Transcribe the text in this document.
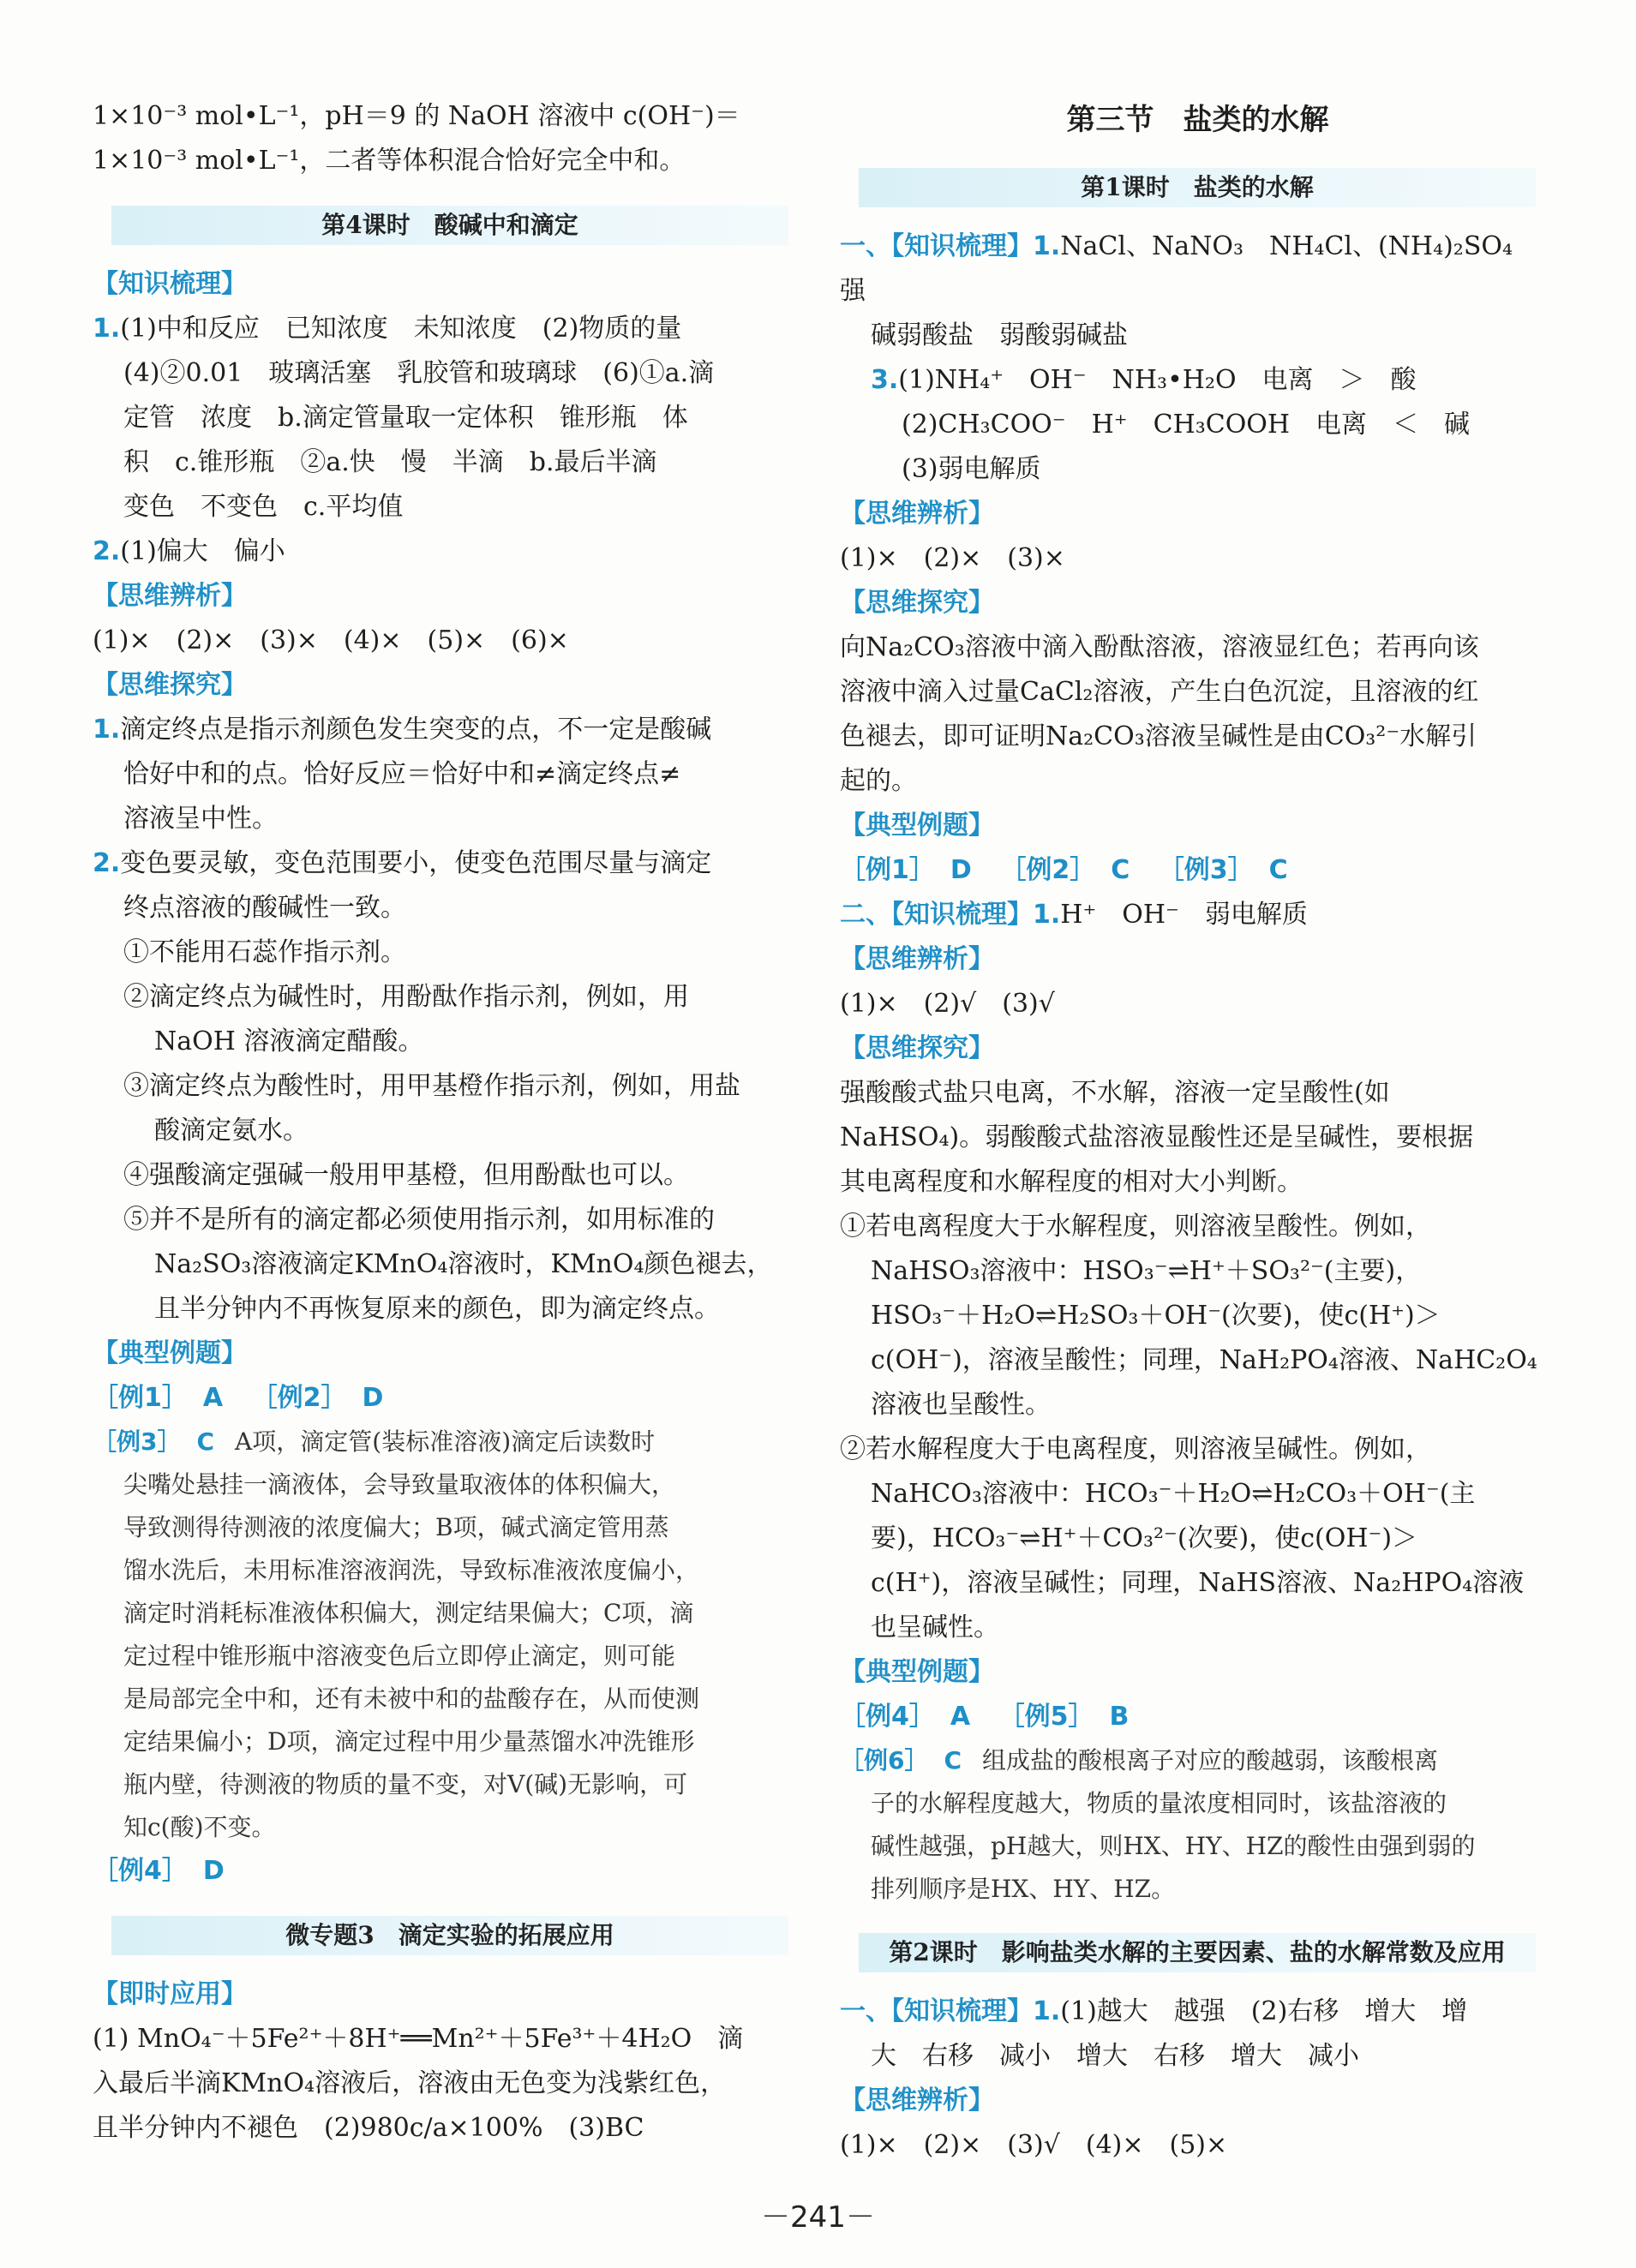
1×10⁻³ mol•L⁻¹，pH＝9 的 NaOH 溶液中 c(OH⁻)＝

1×10⁻³ mol•L⁻¹，二者等体积混合恰好完全中和。

第4课时　酸碱中和滴定

【知识梳理】

1.(1)中和反应　已知浓度　未知浓度　(2)物质的量

(4)②0.01　玻璃活塞　乳胶管和玻璃球　(6)①a.滴

定管　浓度　b.滴定管量取一定体积　锥形瓶　体

积　c.锥形瓶　②a.快　慢　半滴　b.最后半滴

变色　不变色　c.平均值

2.(1)偏大　偏小

【思维辨析】

(1)×　(2)×　(3)×　(4)×　(5)×　(6)×

【思维探究】

1.滴定终点是指示剂颜色发生突变的点，不一定是酸碱

恰好中和的点。恰好反应＝恰好中和≠滴定终点≠

溶液呈中性。

2.变色要灵敏，变色范围要小，使变色范围尽量与滴定

终点溶液的酸碱性一致。

①不能用石蕊作指示剂。

②滴定终点为碱性时，用酚酞作指示剂，例如，用

NaOH 溶液滴定醋酸。

③滴定终点为酸性时，用甲基橙作指示剂，例如，用盐

酸滴定氨水。

④强酸滴定强碱一般用甲基橙，但用酚酞也可以。

⑤并不是所有的滴定都必须使用指示剂，如用标准的

Na₂SO₃溶液滴定KMnO₄溶液时，KMnO₄颜色褪去，

且半分钟内不再恢复原来的颜色，即为滴定终点。

【典型例题】

［例1］ A ［例2］ D

［例3］ C A项，滴定管(装标准溶液)滴定后读数时

尖嘴处悬挂一滴液体，会导致量取液体的体积偏大，

导致测得待测液的浓度偏大；B项，碱式滴定管用蒸

馏水洗后，未用标准溶液润洗，导致标准液浓度偏小，

滴定时消耗标准液体积偏大，测定结果偏大；C项，滴

定过程中锥形瓶中溶液变色后立即停止滴定，则可能

是局部完全中和，还有未被中和的盐酸存在，从而使测

定结果偏小；D项，滴定过程中用少量蒸馏水冲洗锥形

瓶内壁，待测液的物质的量不变，对V(碱)无影响，可

知c(酸)不变。

［例4］ D

微专题3　滴定实验的拓展应用

【即时应用】

(1) MnO₄⁻＋5Fe²⁺＋8H⁺══Mn²⁺＋5Fe³⁺＋4H₂O　滴

入最后半滴KMnO₄溶液后，溶液由无色变为浅紫红色，

且半分钟内不褪色　(2)980c/a×100%　(3)BC

第三节　盐类的水解

第1课时　盐类的水解

一、【知识梳理】1.NaCl、NaNO₃　NH₄Cl、(NH₄)₂SO₄　强

碱弱酸盐　弱酸弱碱盐

3.(1)NH₄⁺　OH⁻　NH₃•H₂O　电离　＞　酸

(2)CH₃COO⁻　H⁺　CH₃COOH　电离　＜　碱

(3)弱电解质

【思维辨析】

(1)×　(2)×　(3)×

【思维探究】

向Na₂CO₃溶液中滴入酚酞溶液，溶液显红色；若再向该

溶液中滴入过量CaCl₂溶液，产生白色沉淀，且溶液的红

色褪去，即可证明Na₂CO₃溶液呈碱性是由CO₃²⁻水解引

起的。

【典型例题】

［例1］ D ［例2］ C ［例3］ C

二、【知识梳理】1.H⁺　OH⁻　弱电解质

【思维辨析】

(1)×　(2)√　(3)√

【思维探究】

强酸酸式盐只电离，不水解，溶液一定呈酸性(如

NaHSO₄)。弱酸酸式盐溶液显酸性还是呈碱性，要根据

其电离程度和水解程度的相对大小判断。

①若电离程度大于水解程度，则溶液呈酸性。例如，

NaHSO₃溶液中：HSO₃⁻⇌H⁺＋SO₃²⁻(主要)，

HSO₃⁻＋H₂O⇌H₂SO₃＋OH⁻(次要)，使c(H⁺)＞

c(OH⁻)，溶液呈酸性；同理，NaH₂PO₄溶液、NaHC₂O₄

溶液也呈酸性。

②若水解程度大于电离程度，则溶液呈碱性。例如，

NaHCO₃溶液中：HCO₃⁻＋H₂O⇌H₂CO₃＋OH⁻(主

要)，HCO₃⁻⇌H⁺＋CO₃²⁻(次要)，使c(OH⁻)＞

c(H⁺)，溶液呈碱性；同理，NaHS溶液、Na₂HPO₄溶液

也呈碱性。

【典型例题】

［例4］ A ［例5］ B

［例6］ C 组成盐的酸根离子对应的酸越弱，该酸根离

子的水解程度越大，物质的量浓度相同时，该盐溶液的

碱性越强，pH越大，则HX、HY、HZ的酸性由强到弱的

排列顺序是HX、HY、HZ。

第2课时　影响盐类水解的主要因素、盐的水解常数及应用

一、【知识梳理】1.(1)越大　越强　(2)右移　增大　增

大　右移　减小　增大　右移　增大　减小

【思维辨析】

(1)×　(2)×　(3)√　(4)×　(5)×

－241－
